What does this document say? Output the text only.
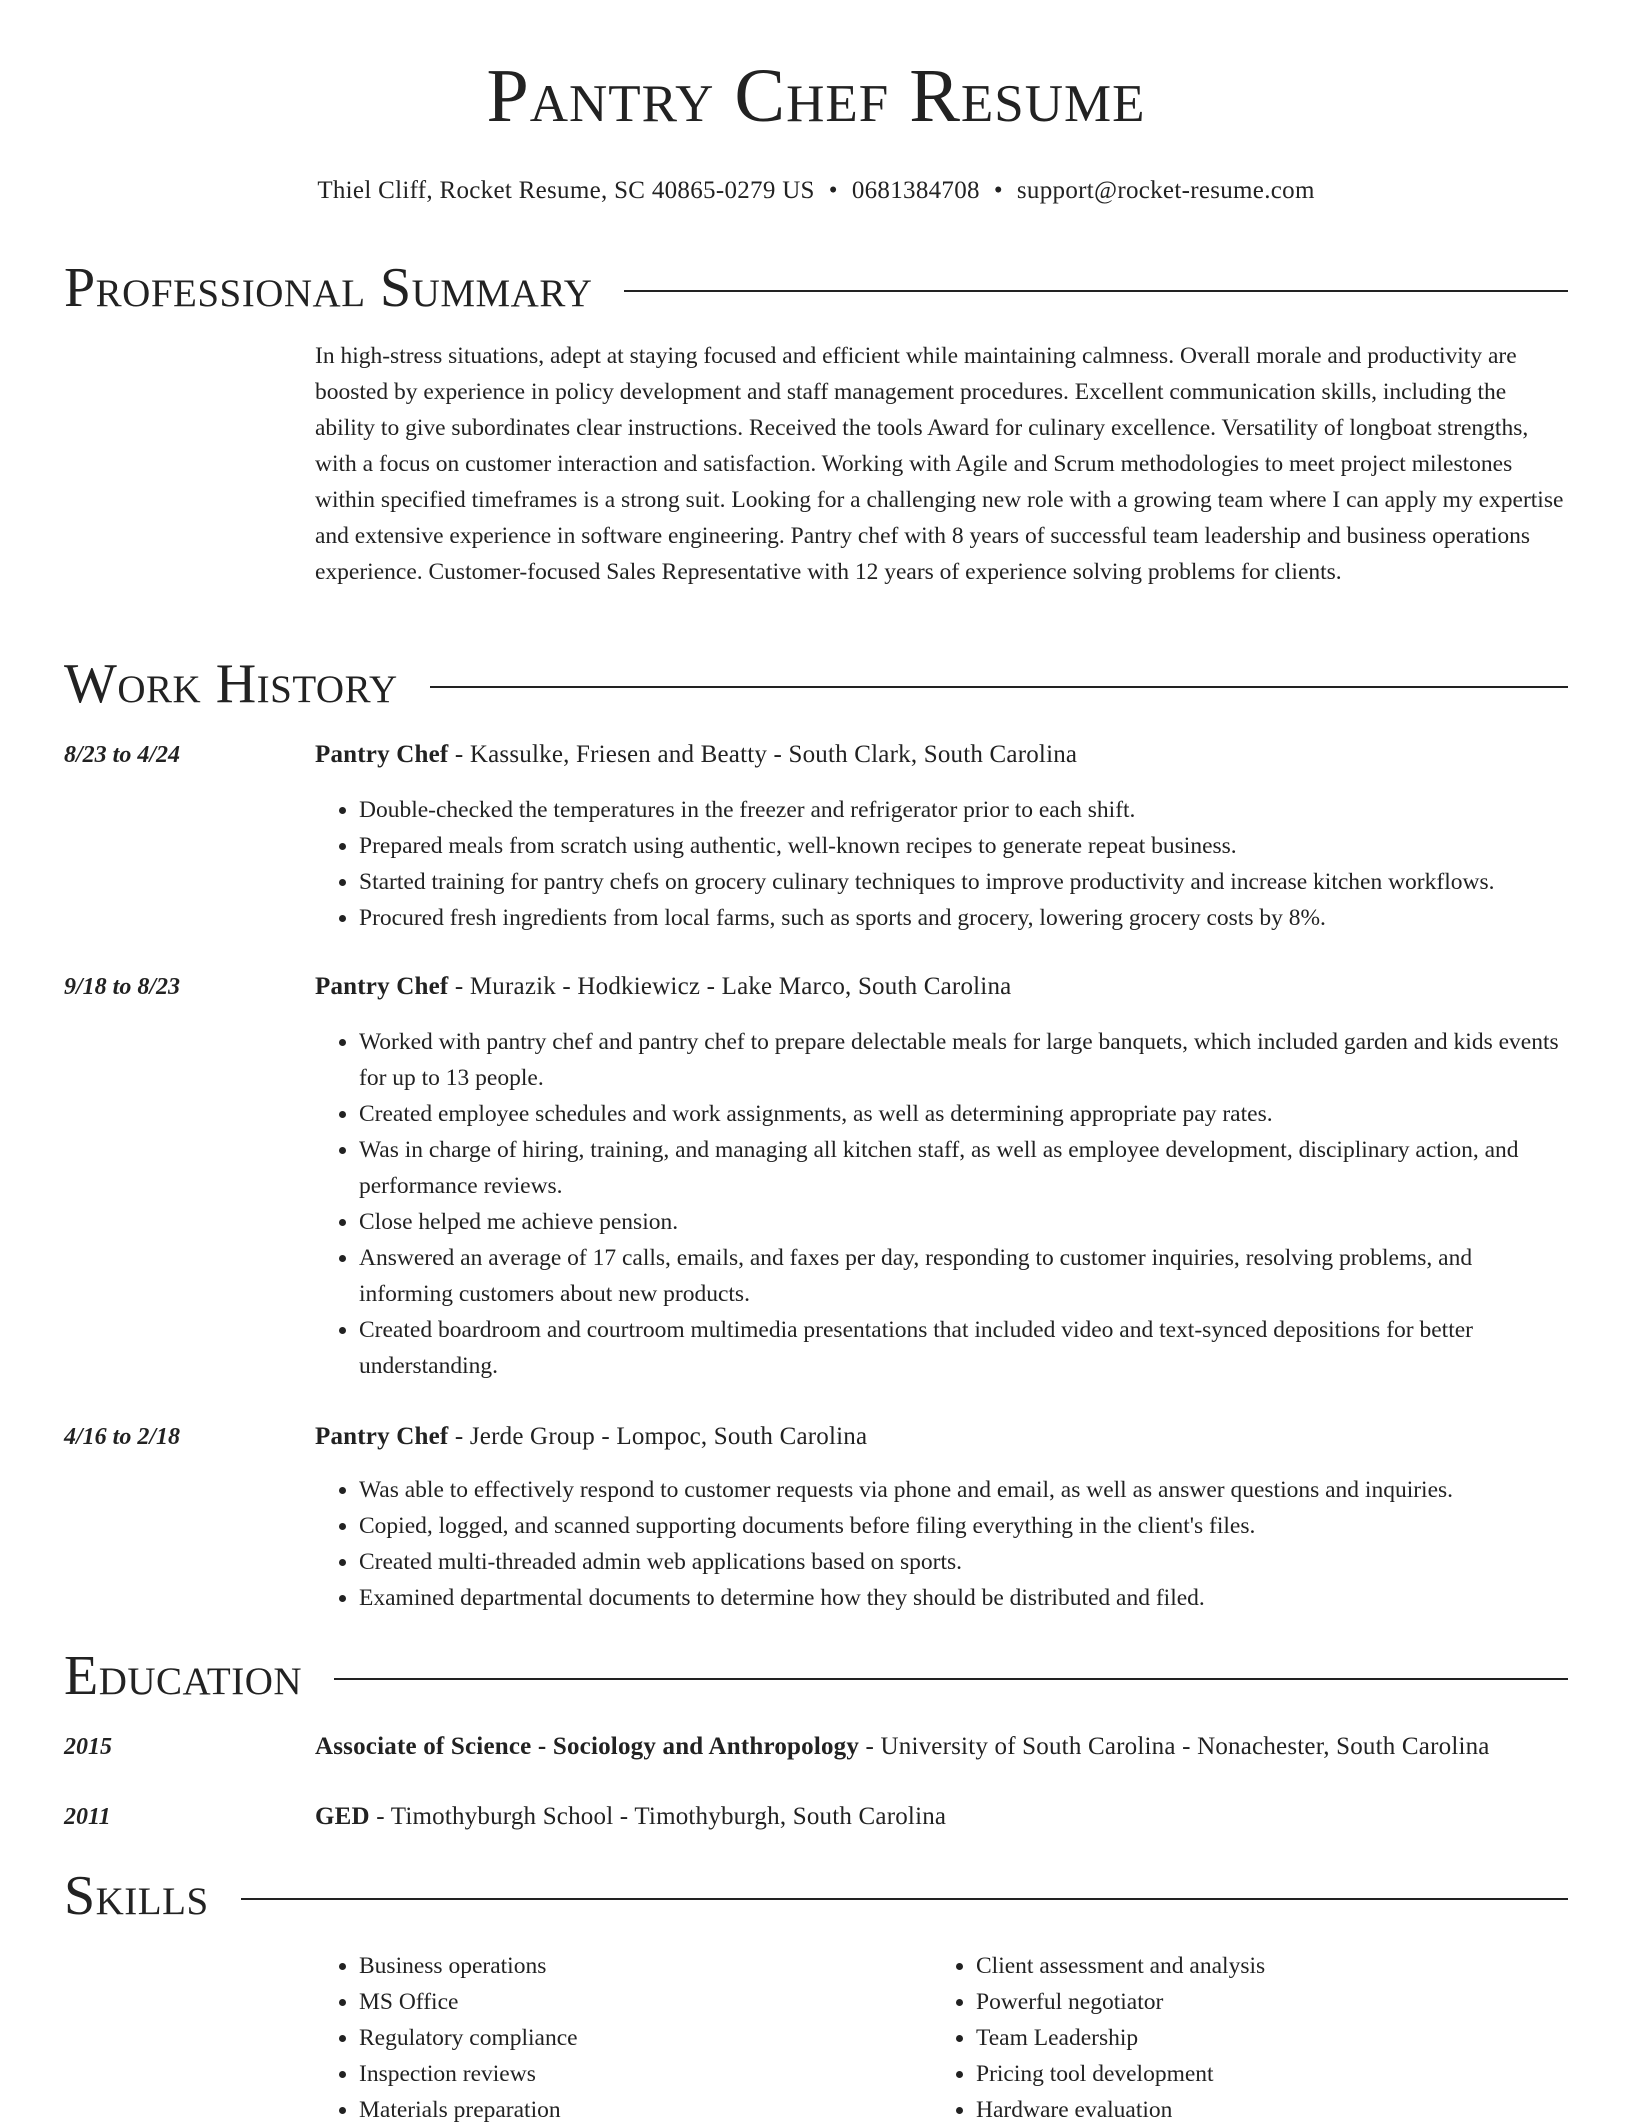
Pantry Chef Resume
Thiel Cliff, Rocket Resume, SC 40865-0279 US • 0681384708 • support@rocket-resume.com
Professional Summary

In high-stress situations, adept at staying focused and efficient while maintaining calmness. Overall morale and productivity are boosted by experience in policy development and staff management procedures. Excellent communication skills, including the ability to give subordinates clear instructions. Received the tools Award for culinary excellence. Versatility of longboat strengths, with a focus on customer interaction and satisfaction. Working with Agile and Scrum methodologies to meet project milestones within specified timeframes is a strong suit. Looking for a challenging new role with a growing team where I can apply my expertise and extensive experience in software engineering. Pantry chef with 8 years of successful team leadership and business operations experience. Customer-focused Sales Representative with 12 years of experience solving problems for clients.

Work History
8/23 to 4/24	Pantry Chef - Kassulke, Friesen and Beatty - South Clark, South Carolina
• Double-checked the temperatures in the freezer and refrigerator prior to each shift.
• Prepared meals from scratch using authentic, well-known recipes to generate repeat business.
• Started training for pantry chefs on grocery culinary techniques to improve productivity and increase kitchen workflows.
• Procured fresh ingredients from local farms, such as sports and grocery, lowering grocery costs by 8%.
9/18 to 8/23	Pantry Chef - Murazik - Hodkiewicz - Lake Marco, South Carolina
• Worked with pantry chef and pantry chef to prepare delectable meals for large banquets, which included garden and kids events for up to 13 people.
• Created employee schedules and work assignments, as well as determining appropriate pay rates.
• Was in charge of hiring, training, and managing all kitchen staff, as well as employee development, disciplinary action, and performance reviews.
• Close helped me achieve pension.
• Answered an average of 17 calls, emails, and faxes per day, responding to customer inquiries, resolving problems, and informing customers about new products.
• Created boardroom and courtroom multimedia presentations that included video and text-synced depositions for better understanding.
4/16 to 2/18	Pantry Chef - Jerde Group - Lompoc, South Carolina
• Was able to effectively respond to customer requests via phone and email, as well as answer questions and inquiries.
• Copied, logged, and scanned supporting documents before filing everything in the client's files.
• Created multi-threaded admin web applications based on sports.
• Examined departmental documents to determine how they should be distributed and filed.
Education
2015	Associate of Science - Sociology and Anthropology - University of South Carolina - Nonachester, South Carolina
2011	GED - Timothyburgh School - Timothyburgh, South Carolina
Skills
• Business operations
• MS Office
• Regulatory compliance
• Inspection reviews
• Materials preparation
• Client assessment and analysis
• Powerful negotiator
• Team Leadership
• Pricing tool development
• Hardware evaluation
